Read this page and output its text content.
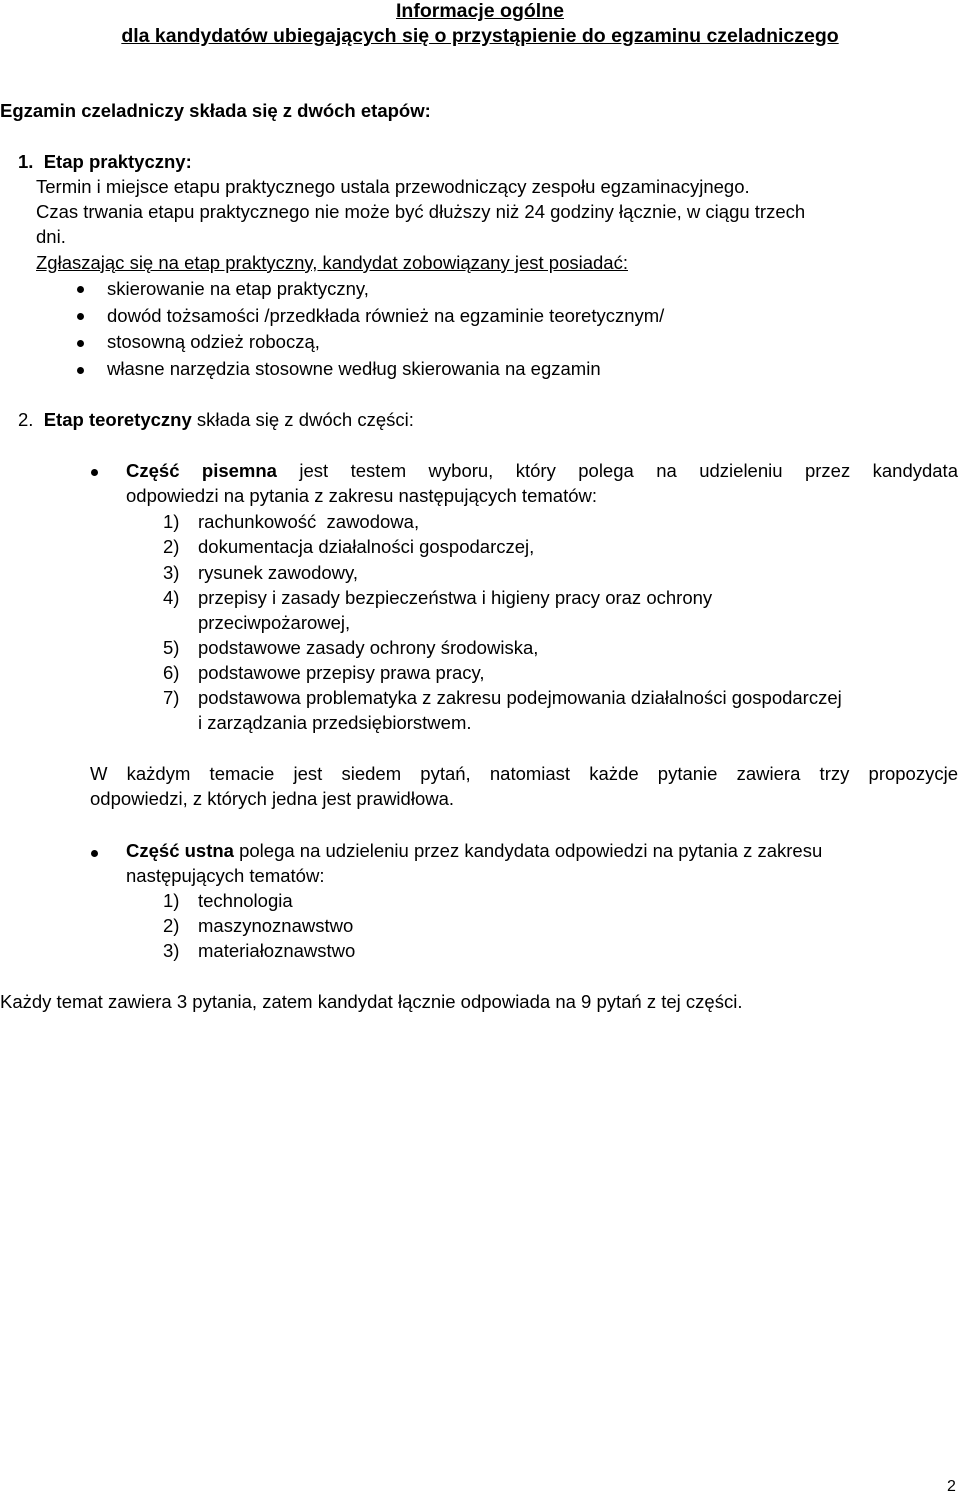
Informacje ogólne
dla kandydatów ubiegających się o przystąpienie do egzaminu czeladniczego
Egzamin czeladniczy składa się z dwóch etapów:
1.  Etap praktyczny:
Termin i miejsce etapu praktycznego ustala przewodniczący zespołu egzaminacyjnego.
Czas trwania etapu praktycznego nie może być dłuższy niż 24 godziny łącznie, w ciągu trzech
dni.
Zgłaszając się na etap praktyczny, kandydat zobowiązany jest posiadać:
skierowanie na etap praktyczny,
dowód tożsamości /przedkłada również na egzaminie teoretycznym/
stosowną odzież roboczą,
własne narzędzia stosowne według skierowania na egzamin
2. Etap teoretyczny składa się z dwóch części:
Część pisemna jest testem wyboru, który polega na udzieleniu przez kandydata
odpowiedzi na pytania z zakresu następujących tematów:
1) rachunkowość  zawodowa,
2) dokumentacja działalności gospodarczej,
3) rysunek zawodowy,
4) przepisy i zasady bezpieczeństwa i higieny pracy oraz ochrony
przeciwpożarowej,
5) podstawowe zasady ochrony środowiska,
6) podstawowe przepisy prawa pracy,
7) podstawowa problematyka z zakresu podejmowania działalności gospodarczej
i zarządzania przedsiębiorstwem.
W każdym temacie jest siedem pytań, natomiast każde pytanie zawiera trzy propozycje
odpowiedzi, z których jedna jest prawidłowa.
Część ustna polega na udzieleniu przez kandydata odpowiedzi na pytania z zakresu
następujących tematów:
1) technologia
2) maszynoznawstwo
3) materiałoznawstwo
Każdy temat zawiera 3 pytania, zatem kandydat łącznie odpowiada na 9 pytań z tej części.
2
